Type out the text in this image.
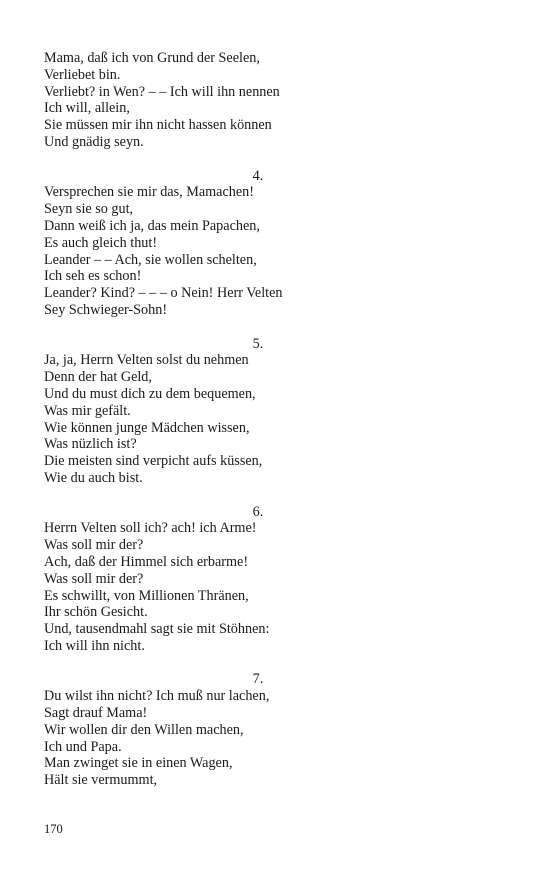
Mama, daß ich von Grund der Seelen,
Verliebet bin.
Verliebt? in Wen? – – Ich will ihn nennen
Ich will, allein,
Sie müssen mir ihn nicht hassen können
Und gnädig seyn.
4.
Versprechen sie mir das, Mamachen!
Seyn sie so gut,
Dann weiß ich ja, das mein Papachen,
Es auch gleich thut!
Leander – – Ach, sie wollen schelten,
Ich seh es schon!
Leander? Kind? – – – o Nein! Herr Velten
Sey Schwieger-Sohn!
5.
Ja, ja, Herrn Velten solst du nehmen
Denn der hat Geld,
Und du must dich zu dem bequemen,
Was mir gefält.
Wie können junge Mädchen wissen,
Was nüzlich ist?
Die meisten sind verpicht aufs küssen,
Wie du auch bist.
6.
Herrn Velten soll ich? ach! ich Arme!
Was soll mir der?
Ach, daß der Himmel sich erbarme!
Was soll mir der?
Es schwillt, von Millionen Thränen,
Ihr schön Gesicht.
Und, tausendmahl sagt sie mit Stöhnen:
Ich will ihn nicht.
7.
Du wilst ihn nicht? Ich muß nur lachen,
Sagt drauf Mama!
Wir wollen dir den Willen machen,
Ich und Papa.
Man zwinget sie in einen Wagen,
Hält sie vermummt,
170
